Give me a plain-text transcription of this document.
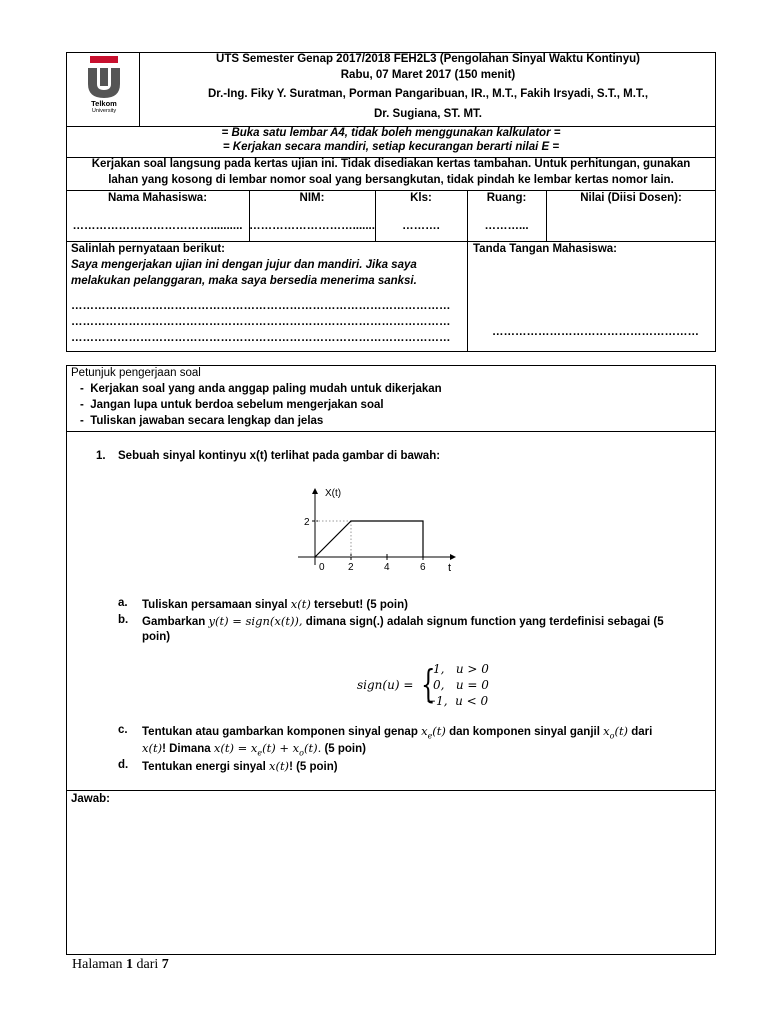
Telkom
University
UTS Semester Genap 2017/2018 FEH2L3 (Pengolahan Sinyal Waktu Kontinyu)
Rabu, 07 Maret 2017 (150 menit)
Dr.-Ing. Fiky Y. Suratman, Porman Pangaribuan, IR., M.T., Fakih Irsyadi, S.T., M.T.,
Dr. Sugiana, ST. MT.
= Buka satu lembar A4, tidak boleh menggunakan kalkulator =
= Kerjakan secara mandiri, setiap kecurangan berarti nilai E =
Kerjakan soal langsung pada kertas ujian ini. Tidak disediakan kertas tambahan. Untuk perhitungan, gunakan
lahan yang kosong di lembar nomor soal yang bersangkutan, tidak pindah ke lembar kertas nomor lain.
Nama Mahasiswa:
………………………………..........
NIM:
……………………….......
Kls:
……….
Ruang:
………...
Nilai (Diisi Dosen):
Salinlah pernyataan berikut:
Saya mengerjakan ujian ini dengan jujur dan mandiri. Jika saya
melakukan pelanggaran, maka saya bersedia menerima sanksi.
………………………………………………………………………………………
………………………………………………………………………………………
………………………………………………………………………………………
Tanda Tangan Mahasiswa:
………………………………………………
Petunjuk pengerjaan soal
-  Kerjakan soal yang anda anggap paling mudah untuk dikerjakan
-  Jangan lupa untuk berdoa sebelum mengerjakan soal
-  Tuliskan jawaban secara lengkap dan jelas
1. Sebuah sinyal kontinyu x(t) terlihat pada gambar di bawah:
X(t)
t
0 2	4	6
2
a. Tuliskan persamaan sinyal x(t) tersebut! (5 poin)
b. Gambarkan y(t) = sign(x(t)), dimana sign(.) adalah signum function yang terdefinisi sebagai (5
poin)
sign(u) = {
1,   u > 0
0,   u = 0
−1,  u < 0
c. Tentukan atau gambarkan komponen sinyal genap $x_e(t)$ dan komponen sinyal ganjil $x_o(t)$ dari
x(t)! Dimana $x(t) = x_e(t) + x_o(t)$. (5 poin)
d. Tentukan energi sinyal x(t)! (5 poin)
Jawab:
Halaman 1 dari 7
